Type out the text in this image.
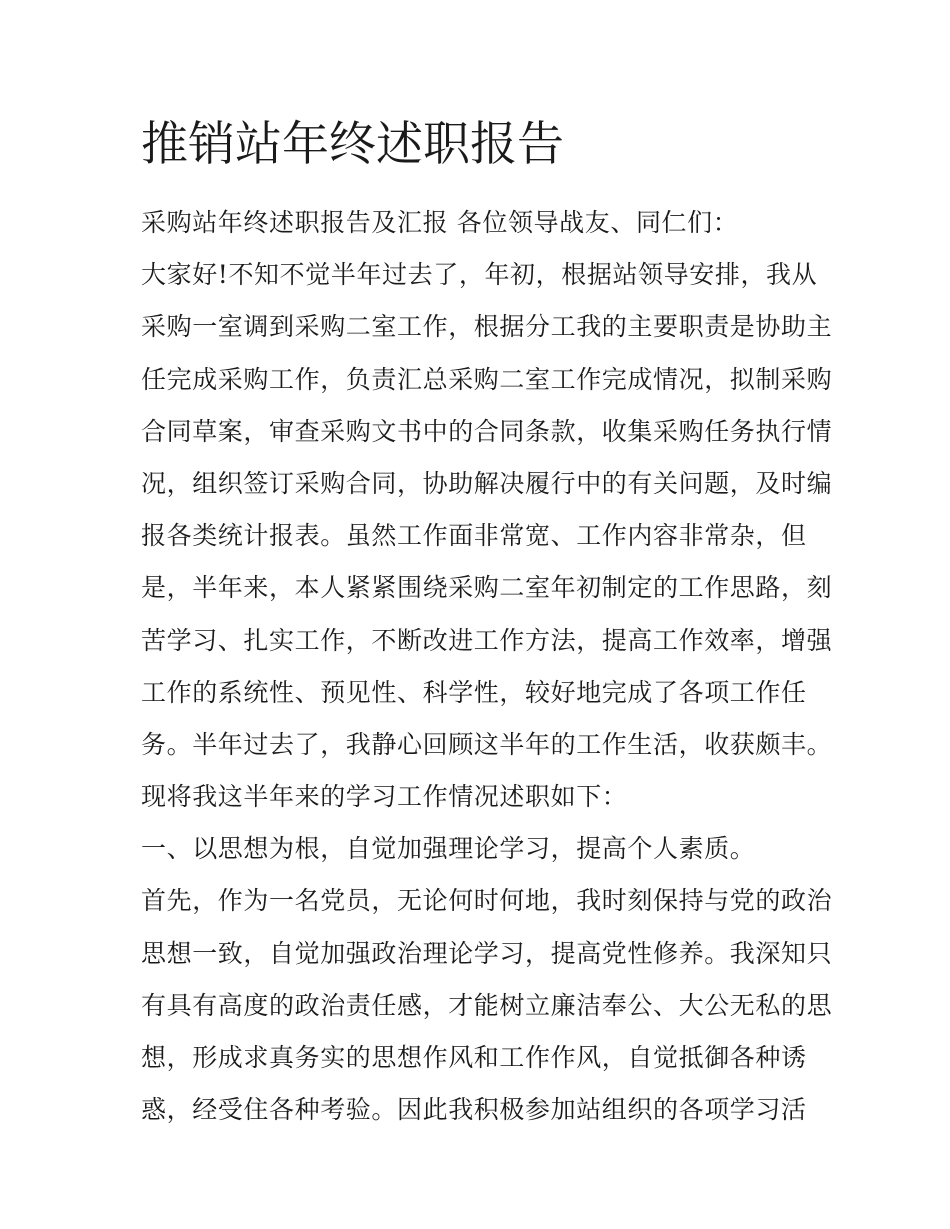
推销站年终述职报告
采购站年终述职报告及汇报 各位领导战友、同仁们：
大家好!不知不觉半年过去了，年初，根据站领导安排，我从
采购一室调到采购二室工作，根据分工我的主要职责是协助主
任完成采购工作，负责汇总采购二室工作完成情况，拟制采购
合同草案，审查采购文书中的合同条款，收集采购任务执行情
况，组织签订采购合同，协助解决履行中的有关问题，及时编
报各类统计报表。虽然工作面非常宽、工作内容非常杂，但
是，半年来，本人紧紧围绕采购二室年初制定的工作思路，刻
苦学习、扎实工作，不断改进工作方法，提高工作效率，增强
工作的系统性、预见性、科学性，较好地完成了各项工作任
务。半年过去了，我静心回顾这半年的工作生活，收获颇丰。
现将我这半年来的学习工作情况述职如下：
一、以思想为根，自觉加强理论学习，提高个人素质。
首先，作为一名党员，无论何时何地，我时刻保持与党的政治
思想一致，自觉加强政治理论学习，提高党性修养。我深知只
有具有高度的政治责任感，才能树立廉洁奉公、大公无私的思
想，形成求真务实的思想作风和工作作风，自觉抵御各种诱
惑，经受住各种考验。因此我积极参加站组织的各项学习活
